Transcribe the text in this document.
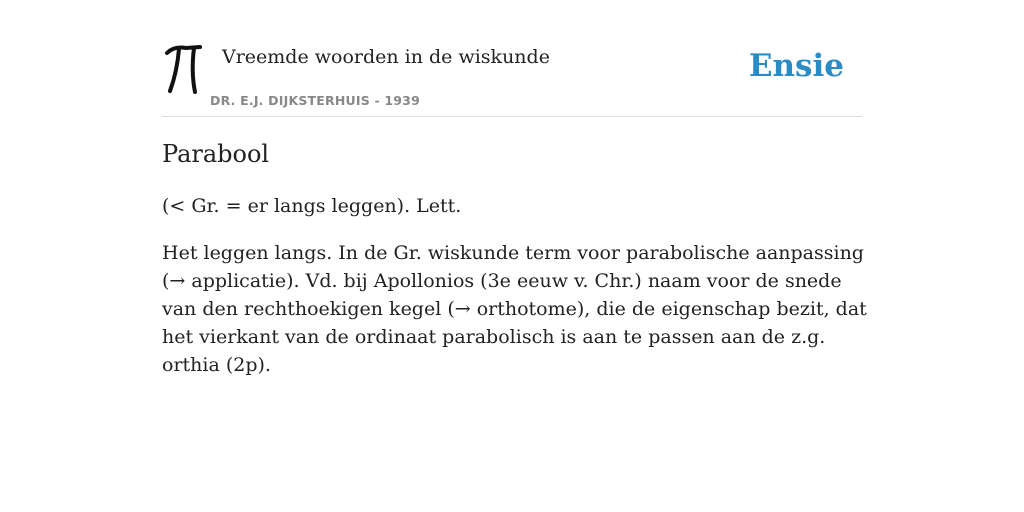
Vreemde woorden in de wiskunde
DR. E.J. DIJKSTERHUIS - 1939
Ensie
Parabool

(< Gr. = er langs leggen). Lett.

Het leggen langs. In de Gr. wiskunde term voor parabolische aanpassing (→ applicatie). Vd. bij Apollonios (3e eeuw v. Chr.) naam voor de snede van den rechthoekigen kegel (→ orthotome), die de eigenschap bezit, dat het vierkant van de ordinaat parabolisch is aan te passen aan de z.g. orthia (2p).
